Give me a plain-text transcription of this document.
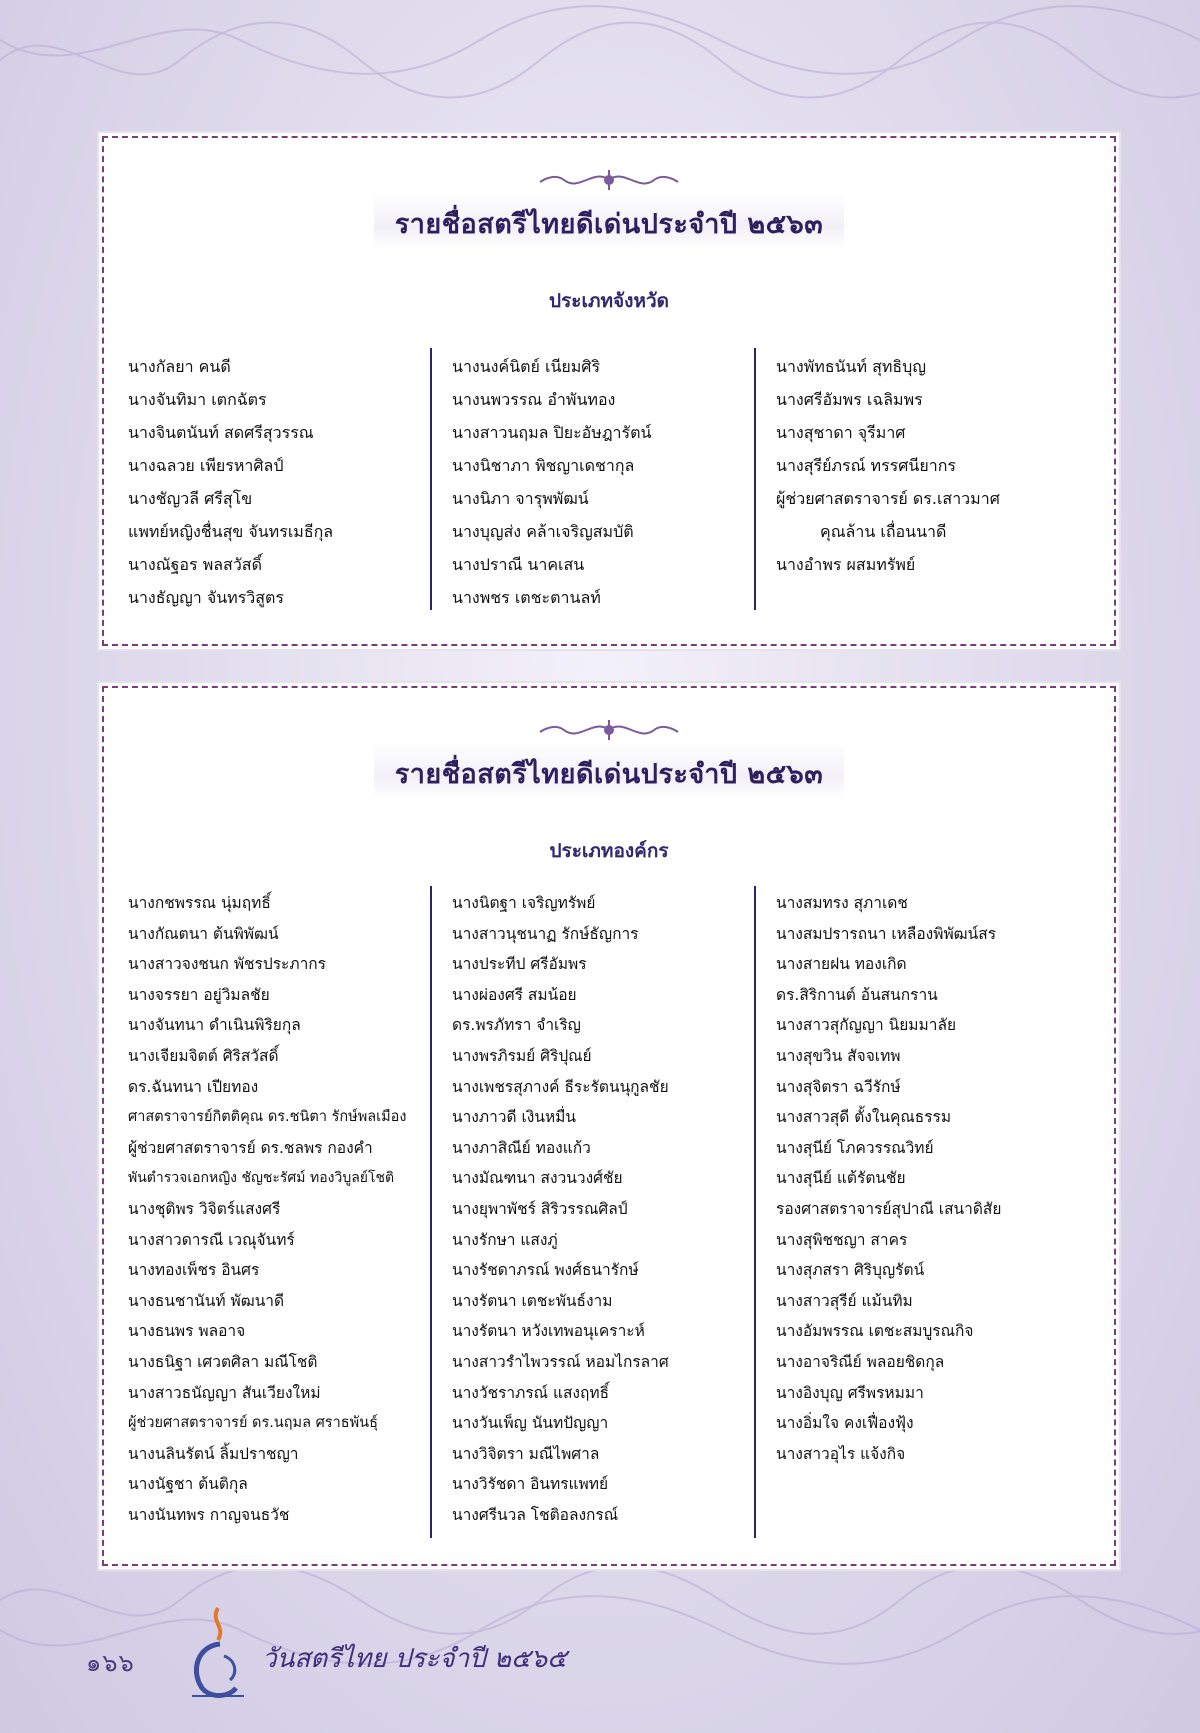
รายชื่อสตรีไทยดีเด่นประจำปี ๒๕๖๓
ประเภทจังหวัด
นางกัลยา คนดี
นางจันทิมา เตกฉัตร
นางจินตนันท์ สดศรีสุวรรณ
นางฉลวย เพียรหาศิลป์
นางชัญวลี ศรีสุโข
แพทย์หญิงชื่นสุข จันทรเมธีกุล
นางณัฐอร พลสวัสดิ์
นางธัญญา จันทรวิสูตร
นางนงค์นิตย์ เนียมศิริ
นางนพวรรณ อำพันทอง
นางสาวนฤมล ปิยะอัษฎารัตน์
นางนิชาภา พิชญาเดชากุล
นางนิภา จารุพพัฒน์
นางบุญส่ง คล้าเจริญสมบัติ
นางปราณี นาคเสน
นางพชร เตชะตานลท์
นางพัทธนันท์ สุทธิบุญ
นางศรีอัมพร เฉลิมพร
นางสุชาดา จุรีมาศ
นางสุรีย์ภรณ์ ทรรศนียากร
ผู้ช่วยศาสตราจารย์ ดร.เสาวมาศ
คุณล้าน เถื่อนนาดี
นางอำพร ผสมทรัพย์
รายชื่อสตรีไทยดีเด่นประจำปี ๒๕๖๓
ประเภทองค์กร
นางกชพรรณ นุ่มฤทธิ์
นางกัณตนา ต้นพิพัฒน์
นางสาวจงชนก พัชรประภากร
นางจรรยา อยู่วิมลชัย
นางจันทนา ดำเนินพิริยกุล
นางเจียมจิตต์ ศิริสวัสดิ์
ดร.ฉันทนา เปียทอง
ศาสตราจารย์กิตติคุณ ดร.ชนิตา รักษ์พลเมือง
ผู้ช่วยศาสตราจารย์ ดร.ชลพร กองคำ
พันตำรวจเอกหญิง ชัญชะรัศม์ ทองวิบูลย์โชติ
นางชุติพร วิจิตร์แสงศรี
นางสาวดารณี เวณุจันทร์
นางทองเพ็ชร อินศร
นางธนชานันท์ พัฒนาดี
นางธนพร พลอาจ
นางธนิฐา เศวตศิลา มณีโชติ
นางสาวธนัญญา สันเวียงใหม่
ผู้ช่วยศาสตราจารย์ ดร.นฤมล ศราธพันธุ์
นางนลินรัตน์ ลิ้มปราชญา
นางนัฐชา ต้นติกุล
นางนันทพร กาญจนธวัช
นางนิตฐา เจริญทรัพย์
นางสาวนุชนาฏ รักษ์ธัญการ
นางประทีป ศรีอัมพร
นางผ่องศรี สมน้อย
ดร.พรภัทรา จำเริญ
นางพรภิรมย์ ศิริปุณย์
นางเพชรสุภางค์ ธีระรัตนนุกูลชัย
นางภาวดี เงินหมื่น
นางภาสิณีย์ ทองแก้ว
นางมัณฑนา สงวนวงศ์ชัย
นางยุพาพัชร์ สิริวรรณศิลป์
นางรักษา แสงภู่
นางรัชดาภรณ์ พงศ์ธนารักษ์
นางรัตนา เตชะพันธ์งาม
นางรัตนา หวังเทพอนุเคราะห์
นางสาวรำไพวรรณ์ หอมไกรลาศ
นางวัชราภรณ์ แสงฤทธิ์
นางวันเพ็ญ นันทปัญญา
นางวิจิตรา มณีไพศาล
นางวิรัชดา อินทรแพทย์
นางศรีนวล โชติอลงกรณ์
นางสมทรง สุภาเดช
นางสมปรารถนา เหลืองพิพัฒน์สร
นางสายฝน ทองเกิด
ดร.สิริกานต์ อ้นสนกราน
นางสาวสุกัญญา นิยมมาลัย
นางสุขวิน สัจจเทพ
นางสุจิตรา ฉวีรักษ์
นางสาวสุดี ตั้งในคุณธรรม
นางสุนีย์ โภควรรณวิทย์
นางสุนีย์ แต้รัตนชัย
รองศาสตราจารย์สุปาณี เสนาดิสัย
นางสุพิชชญา สาคร
นางสุภสรา ศิริบุญรัตน์
นางสาวสุรีย์ แม้นทิม
นางอัมพรรณ เตชะสมบูรณกิจ
นางอาจริณีย์ พลอยชิดกุล
นางอิงบุญ ศรีพรหมมา
นางอิ่มใจ คงเฟื่องฟุ้ง
นางสาวอุไร แจ้งกิจ
๑๖๖	วันสตรีไทย ประจำปี ๒๕๖๕
